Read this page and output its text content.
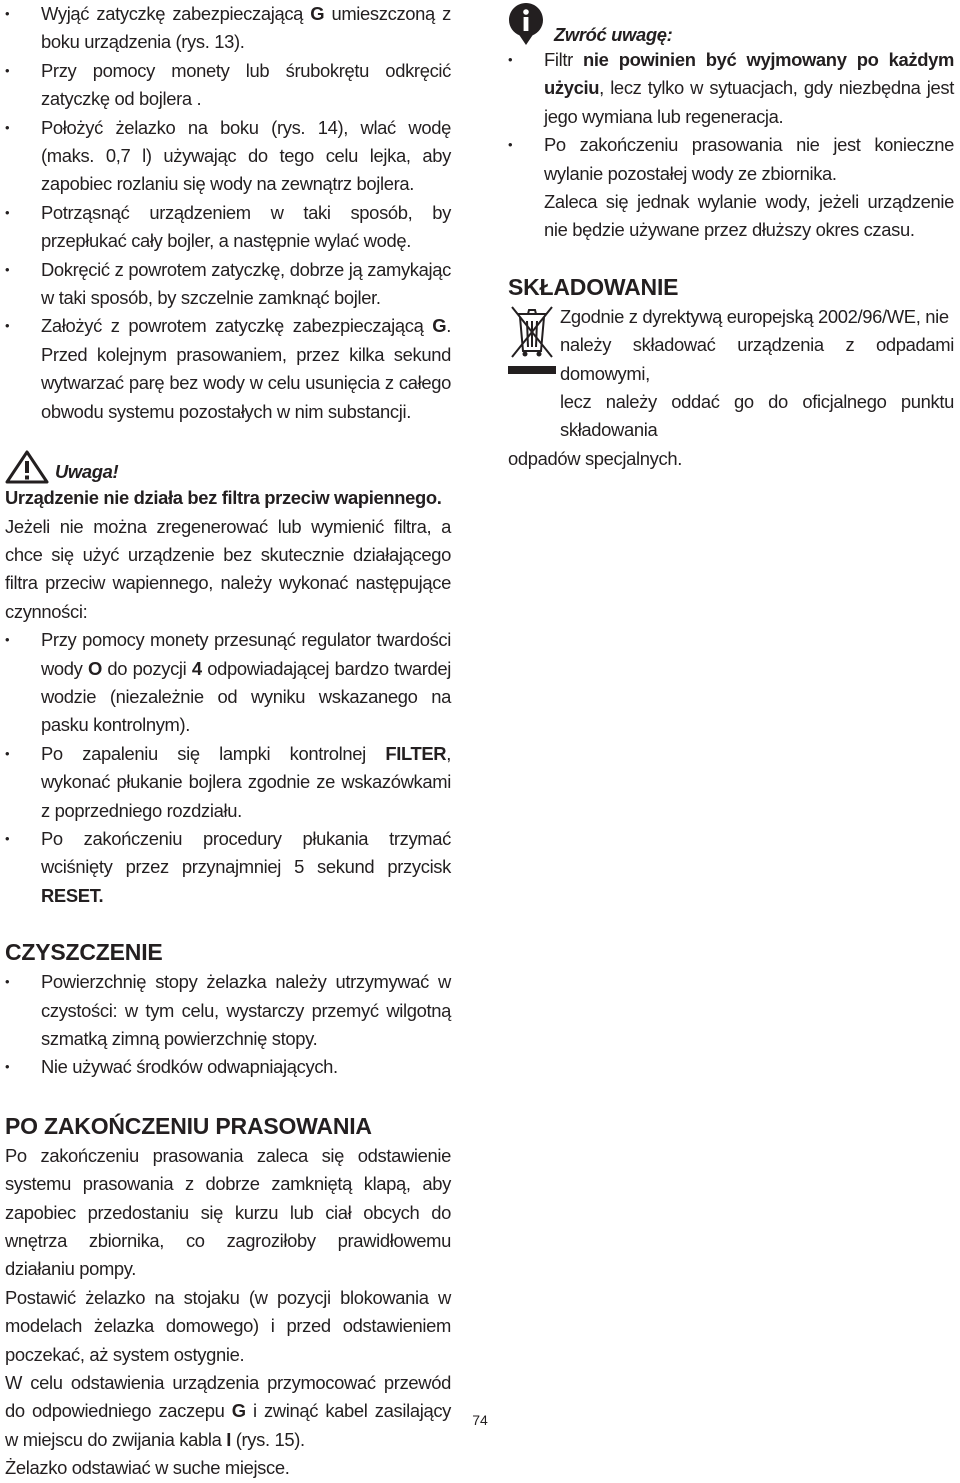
• Wyjąć zatyczkę zabezpieczającą G umieszczoną z boku urządzenia (rys. 13).
• Przy pomocy monety lub śrubokrętu odkręcić zatyczkę od bojlera .
• Położyć żelazko na boku (rys. 14), wlać wodę (maks. 0,7 l) używając do tego celu lejka, aby zapobiec rozlaniu się wody na zewnątrz bojlera.
• Potrząsnąć urządzeniem w taki sposób, by przepłukać cały bojler, a następnie wylać wodę.
• Dokręcić z powrotem zatyczkę, dobrze ją zamykając w taki sposób, by szczelnie zamknąć bojler.
• Założyć z powrotem zatyczkę zabezpieczającą G. Przed kolejnym prasowaniem, przez kilka sekund wytwarzać parę bez wody w celu usunięcia z całego obwodu systemu pozostałych w nim substancji.
Uwaga!
Urządzenie nie działa bez filtra przeciw wapiennego.
Jeżeli nie można zregenerować lub wymienić filtra, a chce się użyć urządzenie bez skutecznie działającego filtra przeciw wapiennego, należy wykonać następujące czynności:
• Przy pomocy monety przesunąć regulator twardości wody O do pozycji 4 odpowiadającej bardzo twardej wodzie (niezależnie od wyniku wskazanego na pasku kontrolnym).
• Po zapaleniu się lampki kontrolnej FILTER, wykonać płukanie bojlera zgodnie ze wskazówkami z poprzedniego rozdziału.
• Po zakończeniu procedury płukania trzymać wciśnięty przez przynajmniej 5 sekund przycisk RESET.
CZYSZCZENIE
• Powierzchnię stopy żelazka należy utrzymywać w czystości: w tym celu, wystarczy przemyć wilgotną szmatką zimną powierzchnię stopy.
• Nie używać środków odwapniających.
PO ZAKOŃCZENIU PRASOWANIA
Po zakończeniu prasowania zaleca się odstawienie systemu prasowania z dobrze zamkniętą klapą, aby zapobiec przedostaniu się kurzu lub ciał obcych do wnętrza zbiornika, co zagroziłoby prawidłowemu działaniu pompy.
Postawić żelazko na stojaku (w pozycji blokowania w modelach żelazka domowego) i przed odstawieniem poczekać, aż system ostygnie.
W celu odstawienia urządzenia przymocować przewód do odpowiedniego zaczepu G i zwinąć kabel zasilający w miejscu do zwijania kabla I (rys. 15).
Żelazko odstawiać w suche miejsce.
Zwróć uwagę:
• Filtr nie powinien być wyjmowany po każdym użyciu, lecz tylko w sytuacjach, gdy niezbędna jest jego wymiana lub regeneracja.
• Po zakończeniu prasowania nie jest konieczne wylanie pozostałej wody ze zbiornika.
Zaleca się jednak wylanie wody, jeżeli urządzenie nie będzie używane przez dłuższy okres czasu.
SKŁADOWANIE
Zgodnie z dyrektywą europejską 2002/96/WE, nie
należy składować urządzenia z odpadami domowymi,
lecz należy oddać go do oficjalnego punktu składowania
odpadów specjalnych.
74
